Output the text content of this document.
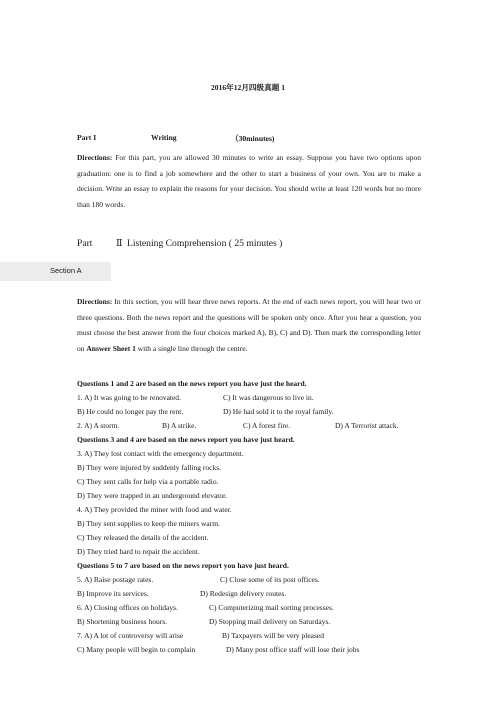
2016年12月四级真题 1
Part I	Writing	（30minutes)
Directions: For this part, you are allowed 30 minutes to write an essay. Suppose you have two options upon graduation: one is to find a job somewhere and the other to start a business of your own. You are to make a decision. Write an essay to explain the reasons for your decision. You should write at least 120 words but no more than 180 words.
Part Ⅱ Listening Comprehension ( 25 minutes )
Section A
Directions: In this section, you will hear three news reports. At the end of each news report, you will hear two or three questions. Both the news report and the questions will be spoken only once. After you hear a question, you must choose the best answer from the four choices marked A), B), C) and D). Then mark the corresponding letter on Answer Sheet 1 with a single line through the centre.
Questions 1 and 2 are based on the news report you have just the heard.
1. A) It was going to be renovated.	C) It was dangerous to live in.
B) He could no longer pay the rent.	D) He had sold it to the royal family.
2. A) A storm.	B) A strike.	C) A forest fire.	D) A Terrorist attack.
Questions 3 and 4 are based on the news report you have just heard.
3. A) They lost contact with the emergency department.
B) They were injured by suddenly falling rocks.
C) They sent calls for help via a portable radio.
D) They were trapped in an underground elevator.
4. A) They provided the miner with food and water.
B) They sent supplies to keep the miners warm.
C) They released the details of the accident.
D) They tried hard to repair the accident.
Questions 5 to 7 are based on the news report you have just heard.
5. A) Raise postage rates.	C) Close some of its post offices.
B) Improve its services.	D) Redesign delivery routes.
6. A) Closing offices on holidays.	C) Computerizing mail sorting processes.
B) Shortening business hours.	D) Stopping mail delivery on Saturdays.
7. A) A lot of controversy will arise	B) Taxpayers will be very pleased
C) Many people will begin to complain	D) Many post office staff will lose their jobs
